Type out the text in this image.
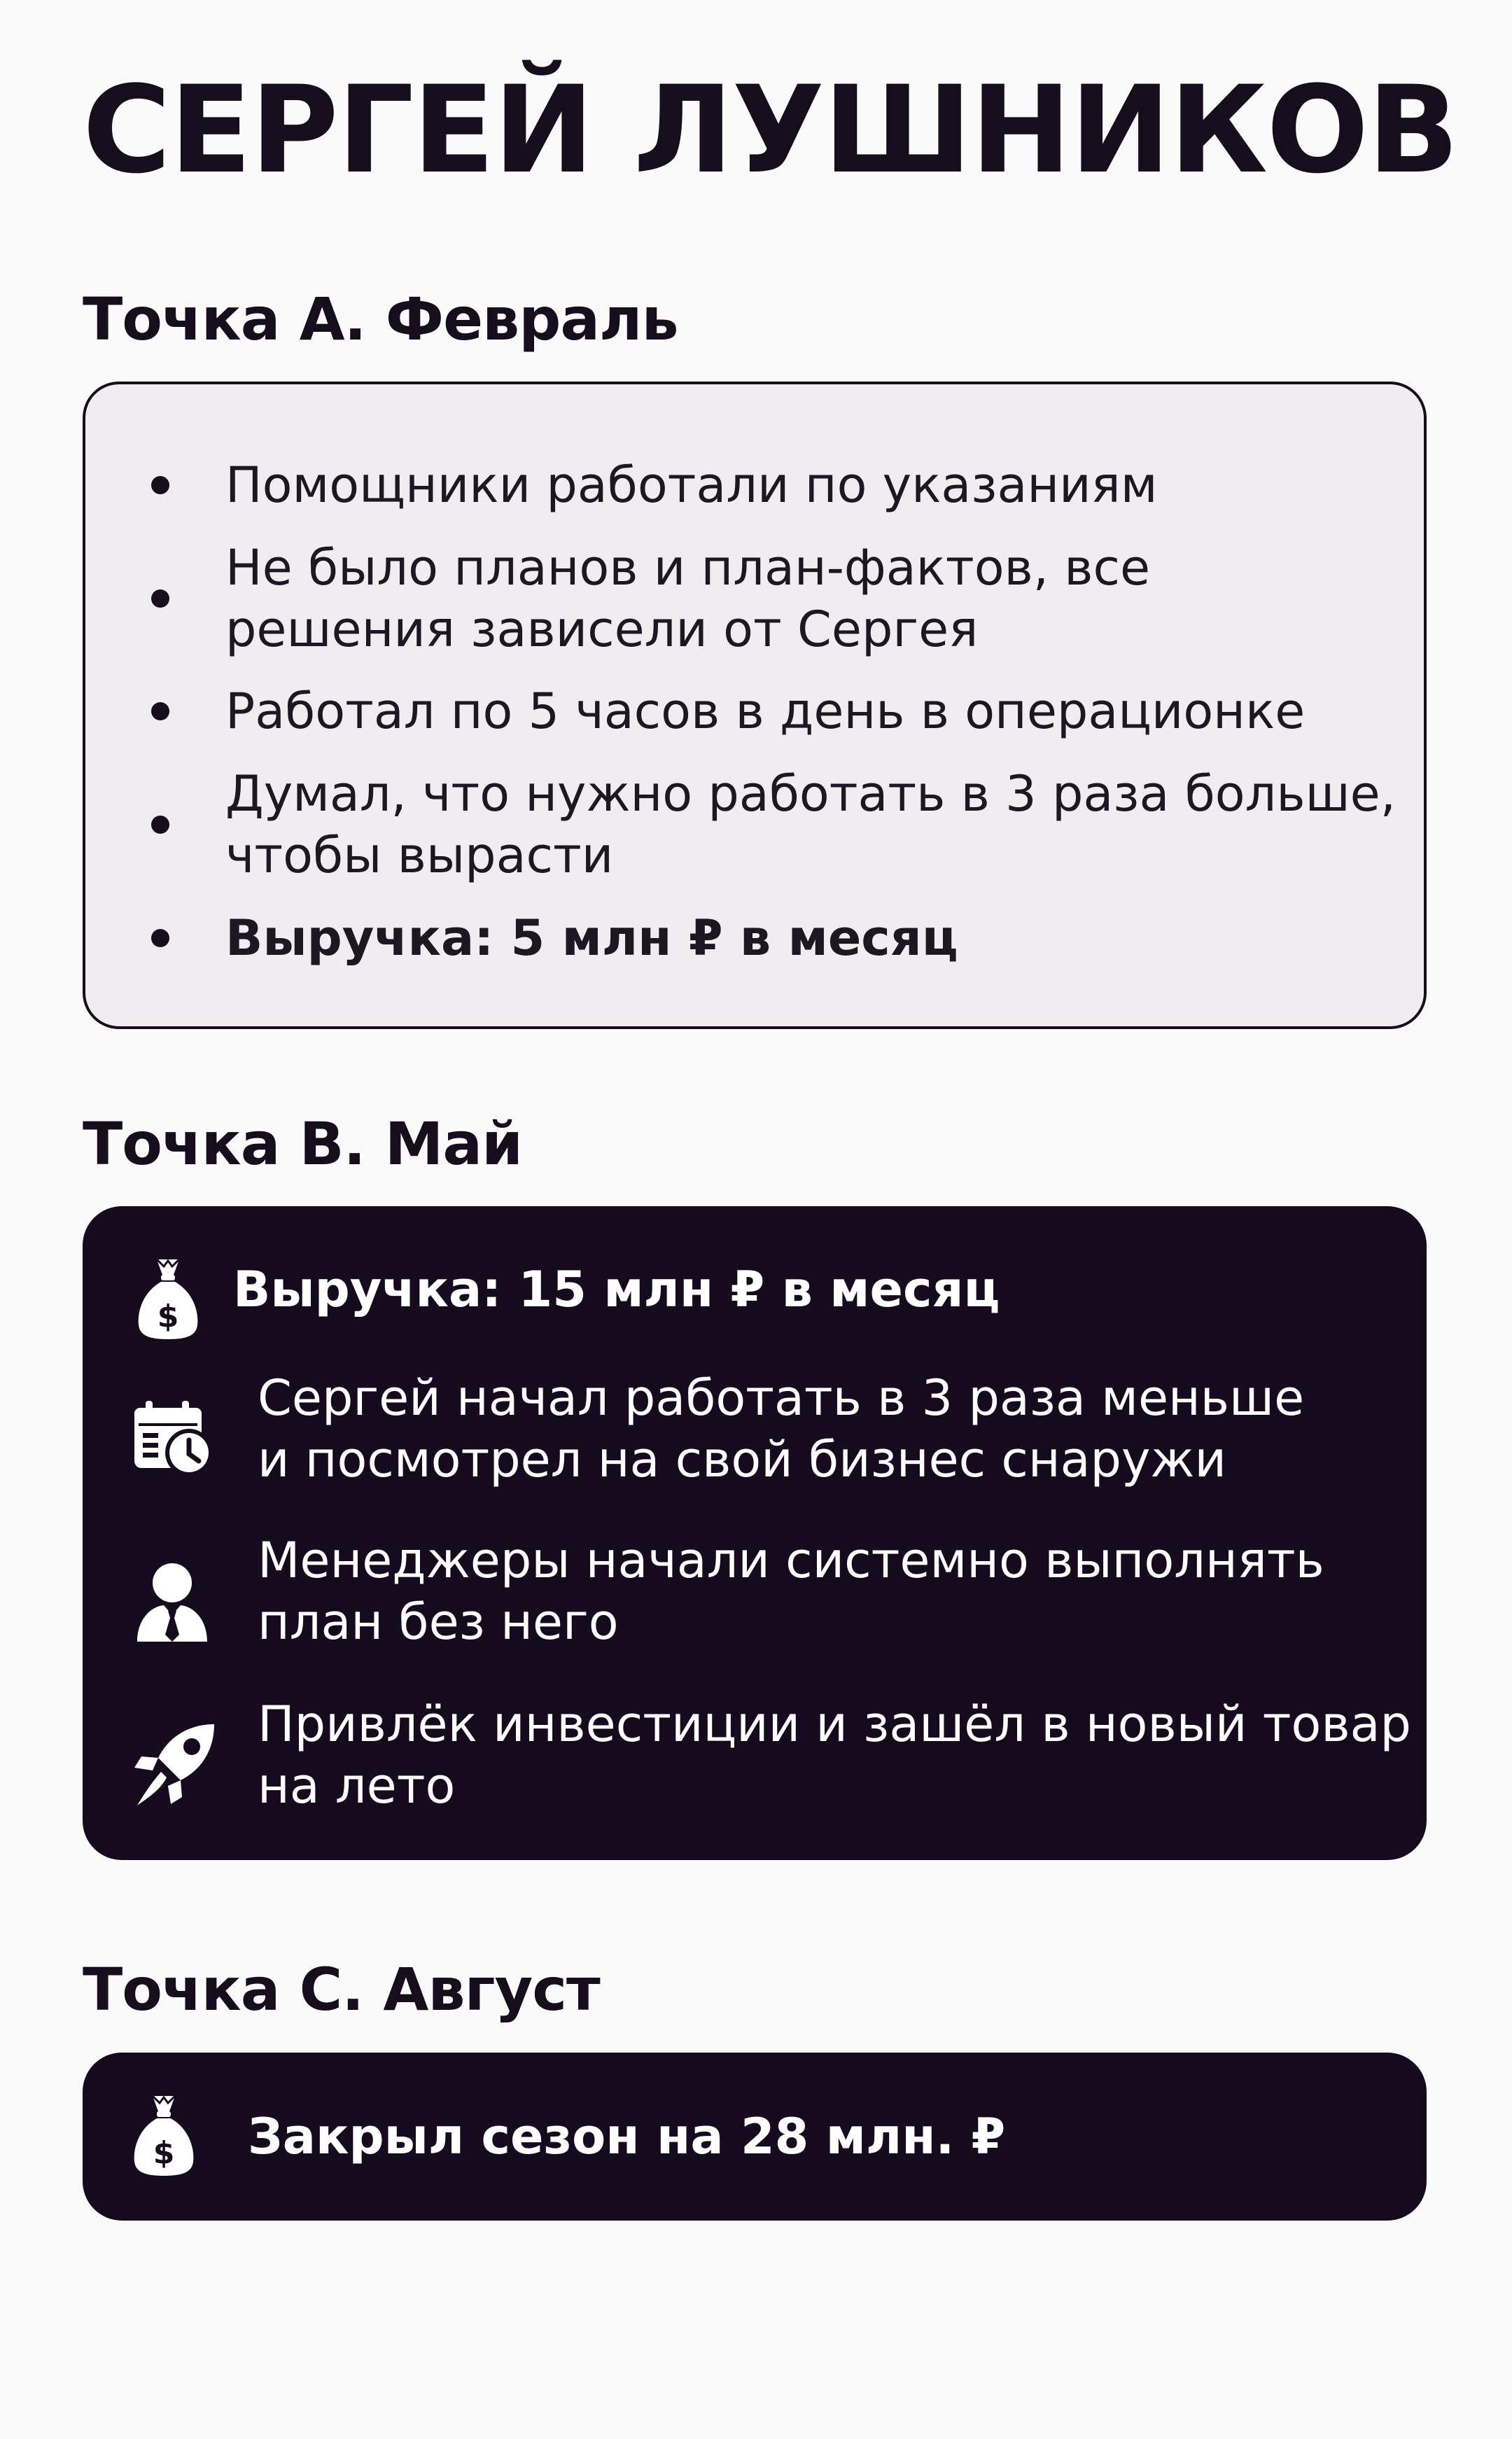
СЕРГЕЙ ЛУШНИКОВ
Точка А. Февраль
Помощники работали по указаниям
Не было планов и план-фактов, все
решения зависели от Сергея
Работал по 5 часов в день в операционке
Думал, что нужно работать в 3 раза больше,
чтобы вырасти
Выручка: 5 млн ₽ в месяц
Точка В. Май
$ Выручка: 15 млн ₽ в месяц
Сергей начал работать в 3 раза меньше
и посмотрел на свой бизнес снаружи
Менеджеры начали системно выполнять
план без него
Привлёк инвестиции и зашёл в новый товар
на лето
Точка С. Август
$ Закрыл сезон на 28 млн. ₽
